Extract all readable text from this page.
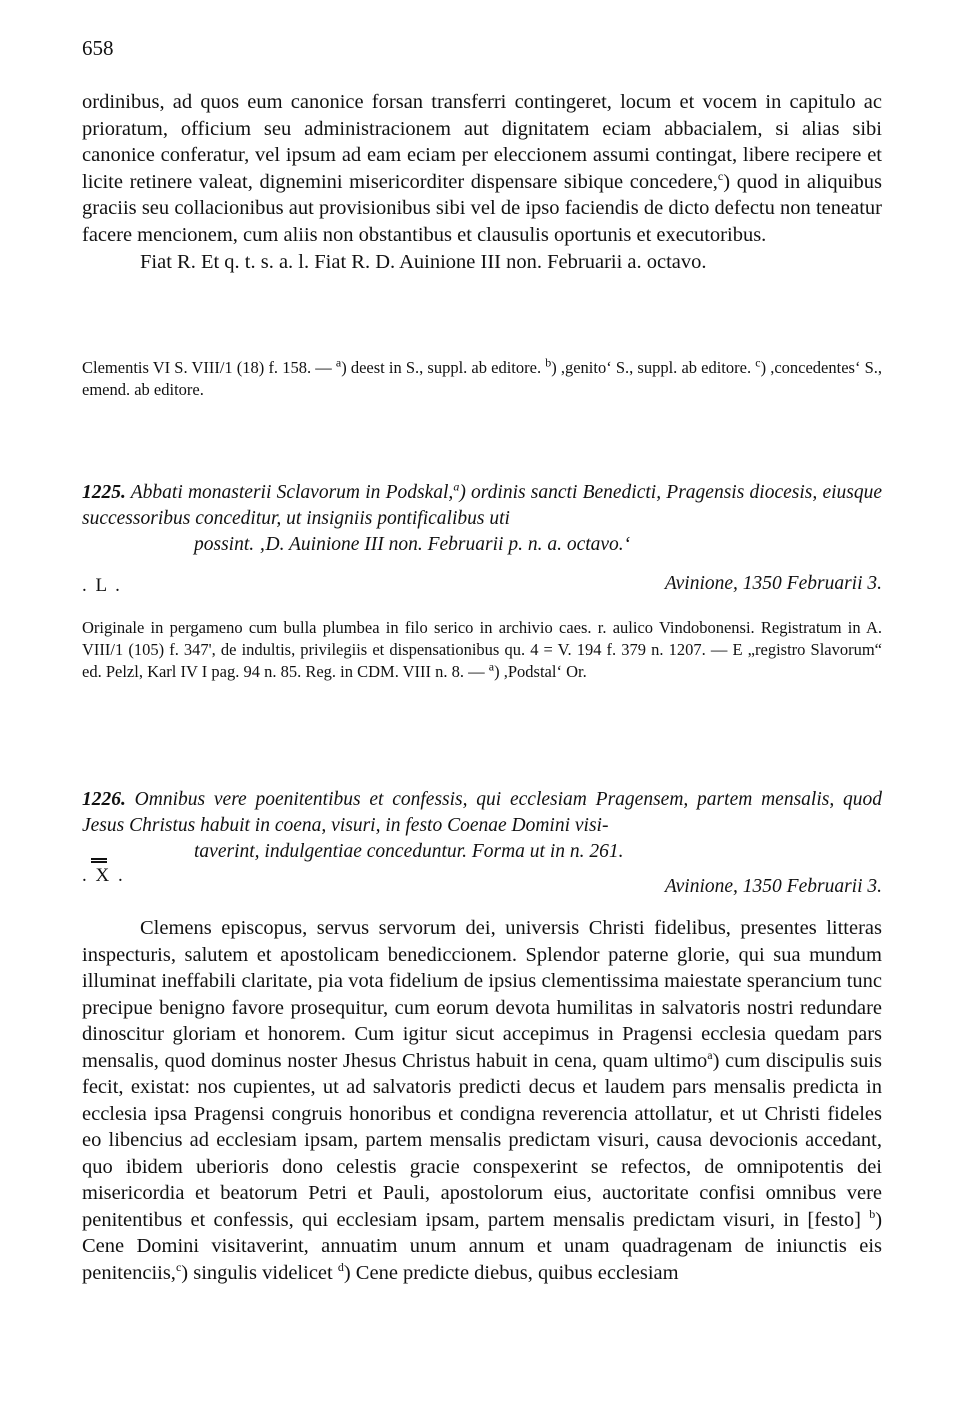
658

ordinibus, ad quos eum canonice forsan transferri contingeret, locum et vocem in capitulo ac prioratum, officium seu administracionem aut dignitatem eciam abbacialem, si alias sibi canonice conferatur, vel ipsum ad eam eciam per eleccionem assumi contingat, libere recipere et licite retinere valeat, dignemini misericorditer dispensare sibique concedere,$^c$) quod in aliquibus graciis seu collacionibus aut provisionibus sibi vel de ipso faciendis de dicto defectu non teneatur facere mencionem, cum aliis non obstantibus et clausulis oportunis et executoribus.

Fiat R. Et q. t. s. a. l. Fiat R. D. Auinione III non. Februarii a. octavo.

Clementis VI S. VIII/1 (18) f. 158. — $^a$) deest in S., suppl. ab editore. $^b$) ,genito‘ S., suppl. ab editore. $^c$) ,concedentes‘ S., emend. ab editore.
1225. Abbati monasterii Sclavorum in Podskal,$^a$) ordinis sancti Benedicti, Pragensis diocesis, eiusque successoribus conceditur, ut insigniis pontificalibus uti
possint. ‚D. Auinione III non. Februarii p. n. a. octavo.‘
. L .	Avinione, 1350 Februarii 3.
Originale in pergameno cum bulla plumbea in filo serico in archivio caes. r. aulico Vindobonensi. Registratum in A. VIII/1 (105) f. 347', de indultis, privilegiis et dispensationibus qu. 4 = V. 194 f. 379 n. 1207. — E „registro Slavorum“ ed. Pelzl, Karl IV I pag. 94 n. 85. Reg. in CDM. VIII n. 8. — $^a$) ,Podstal‘ Or.
1226. Omnibus vere poenitentibus et confessis, qui ecclesiam Pragensem, partem mensalis, quod Jesus Christus habuit in coena, visuri, in festo Coenae Domini visi-
taverint, indulgentiae conceduntur. Forma ut in n. 261.
. X .
Avinione, 1350 Februarii 3.

Clemens episcopus, servus servorum dei, universis Christi fidelibus, presentes litteras inspecturis, salutem et apostolicam benediccionem. Splendor paterne glorie, qui sua mundum illuminat ineffabili claritate, pia vota fidelium de ipsius clementissima maiestate sperancium tunc precipue benigno favore prosequitur, cum eorum devota humilitas in salvatoris nostri redundare dinoscitur gloriam et honorem. Cum igitur sicut accepimus in Pragensi ecclesia quedam pars mensalis, quod dominus noster Jhesus Christus habuit in cena, quam ultimo$^a$) cum discipulis suis fecit, existat: nos cupientes, ut ad salvatoris predicti decus et laudem pars mensalis predicta in ecclesia ipsa Pragensi congruis honoribus et condigna reverencia attollatur, et ut Christi fideles eo libencius ad ecclesiam ipsam, partem mensalis predictam visuri, causa devocionis accedant, quo ibidem uberioris dono celestis gracie conspexerint se refectos, de omnipotentis dei misericordia et beatorum Petri et Pauli, apostolorum eius, auctoritate confisi omnibus vere penitentibus et confessis, qui ecclesiam ipsam, partem mensalis predictam visuri, in [festo] $^b$) Cene Domini visitaverint, annuatim unum annum et unam quadragenam de iniunctis eis penitenciis,$^c$) singulis videlicet $^d$) Cene predicte diebus, quibus ecclesiam
